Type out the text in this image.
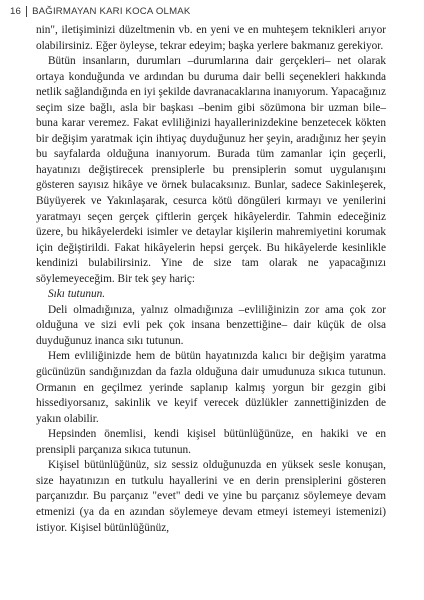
16 BAĞIRMAYAN KARI KOCA OLMAK

nin", iletişiminizi düzeltmenin vb. en yeni ve en muhteşem teknikleri arıyor olabilirsiniz. Eğer öyleyse, tekrar edeyim; başka yerlere bakmanız gerekiyor.

Bütün insanların, durumları –durumlarına dair gerçekleri– net olarak ortaya konduğunda ve ardından bu duruma dair belli seçenekleri hakkında netlik sağlandığında en iyi şekilde davranacaklarına inanıyorum. Yapacağınız seçim size bağlı, asla bir başkası –benim gibi sözümona bir uzman bile– buna karar veremez. Fakat evliliğinizi hayallerinizdekine benzetecek kökten bir değişim yaratmak için ihtiyaç duyduğunuz her şeyin, aradığınız her şeyin bu sayfalarda olduğuna inanıyorum. Burada tüm zamanlar için geçerli, hayatınızı değiştirecek prensiplerle bu prensiplerin somut uygulanışını gösteren sayısız hikâye ve örnek bulacaksınız. Bunlar, sadece Sakinleşerek, Büyüyerek ve Yakınlaşarak, cesurca kötü döngüleri kırmayı ve yenilerini yaratmayı seçen gerçek çiftlerin gerçek hikâyelerdir. Tahmin edeceğiniz üzere, bu hikâyelerdeki isimler ve detaylar kişilerin mahremiyetini korumak için değiştirildi. Fakat hikâyelerin hepsi gerçek. Bu hikâyelerde kesinlikle kendinizi bulabilirsiniz. Yine de size tam olarak ne yapacağınızı söylemeyeceğim. Bir tek şey hariç:

Sıkı tutunun.

Deli olmadığınıza, yalnız olmadığınıza –evliliğinizin zor ama çok zor olduğuna ve sizi evli pek çok insana benzettiğine– dair küçük de olsa duyduğunuz inanca sıkı tutunun.

Hem evliliğinizde hem de bütün hayatınızda kalıcı bir değişim yaratma gücünüzün sandığınızdan da fazla olduğuna dair umudunuza sıkıca tutunun. Ormanın en geçilmez yerinde saplanıp kalmış yorgun bir gezgin gibi hissediyorsanız, sakinlik ve keyif verecek düzlükler zannettiğinizden de yakın olabilir.

Hepsinden önemlisi, kendi kişisel bütünlüğünüze, en hakiki ve en prensipli parçanıza sıkıca tutunun.

Kişisel bütünlüğünüz, siz sessiz olduğunuzda en yüksek sesle konuşan, size hayatınızın en tutkulu hayallerini ve en derin prensiplerini gösteren parçanızdır. Bu parçanız "evet" dedi ve yine bu parçanız söylemeye devam etmenizi (ya da en azından söylemeye devam etmeyi istemeyi istemenizi) istiyor. Kişisel bütünlüğünüz,
